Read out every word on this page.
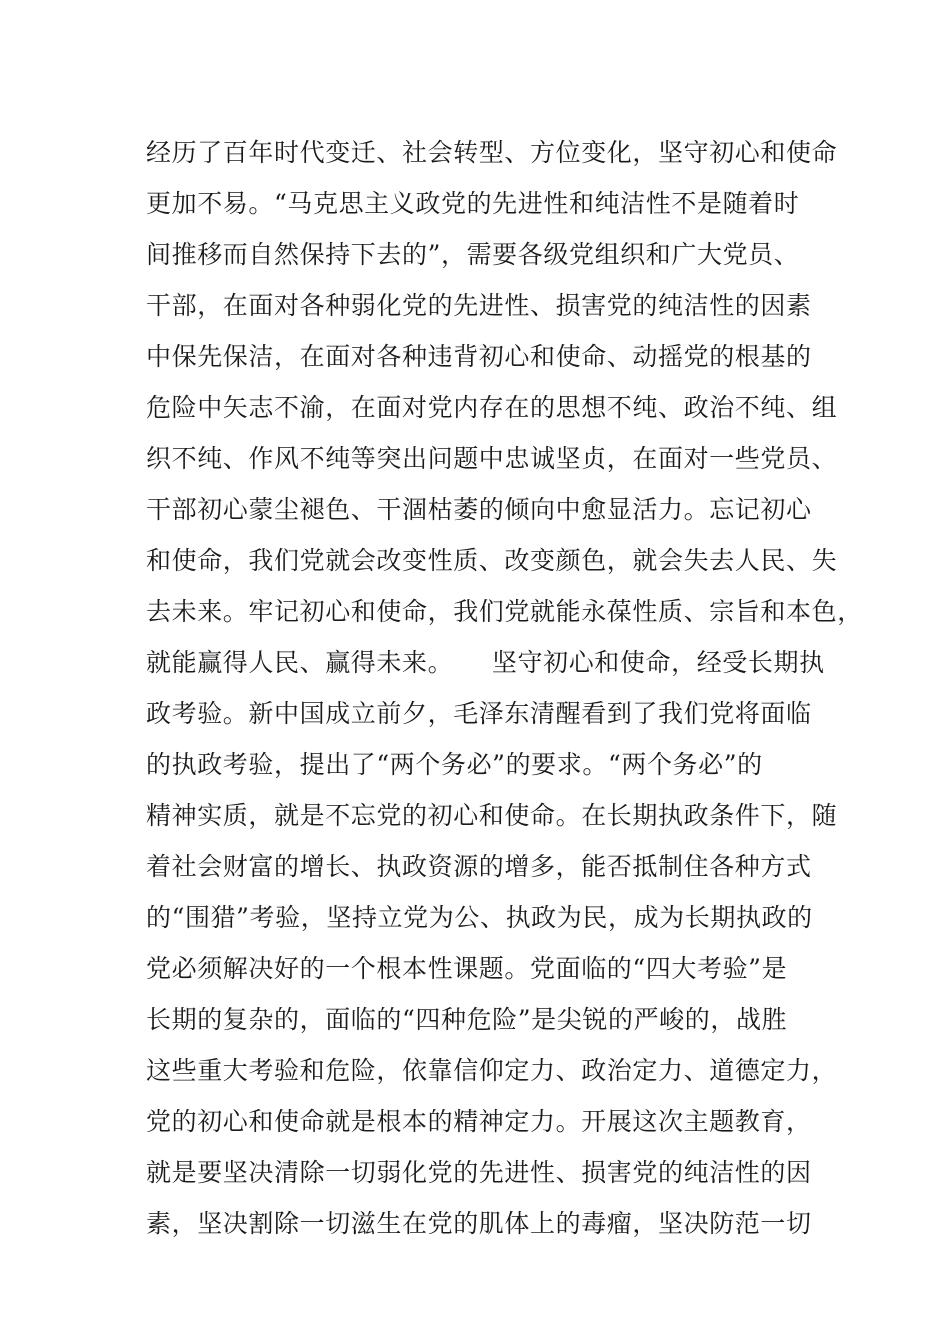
经历了百年时代变迁、社会转型、方位变化，坚守初心和使命
更加不易。“马克思主义政党的先进性和纯洁性不是随着时
间推移而自然保持下去的”，需要各级党组织和广大党员、
干部，在面对各种弱化党的先进性、损害党的纯洁性的因素
中保先保洁，在面对各种违背初心和使命、动摇党的根基的
危险中矢志不渝，在面对党内存在的思想不纯、政治不纯、组
织不纯、作风不纯等突出问题中忠诚坚贞，在面对一些党员、
干部初心蒙尘褪色、干涸枯萎的倾向中愈显活力。忘记初心
和使命，我们党就会改变性质、改变颜色，就会失去人民、失
去未来。牢记初心和使命，我们党就能永葆性质、宗旨和本色，
就能赢得人民、赢得未来。　　坚守初心和使命，经受长期执
政考验。新中国成立前夕，毛泽东清醒看到了我们党将面临
的执政考验，提出了“两个务必”的要求。“两个务必”的
精神实质，就是不忘党的初心和使命。在长期执政条件下，随
着社会财富的增长、执政资源的增多，能否抵制住各种方式
的“围猎”考验，坚持立党为公、执政为民，成为长期执政的
党必须解决好的一个根本性课题。党面临的“四大考验”是
长期的复杂的，面临的“四种危险”是尖锐的严峻的，战胜
这些重大考验和危险，依靠信仰定力、政治定力、道德定力，
党的初心和使命就是根本的精神定力。开展这次主题教育，
就是要坚决清除一切弱化党的先进性、损害党的纯洁性的因
素，坚决割除一切滋生在党的肌体上的毒瘤，坚决防范一切
